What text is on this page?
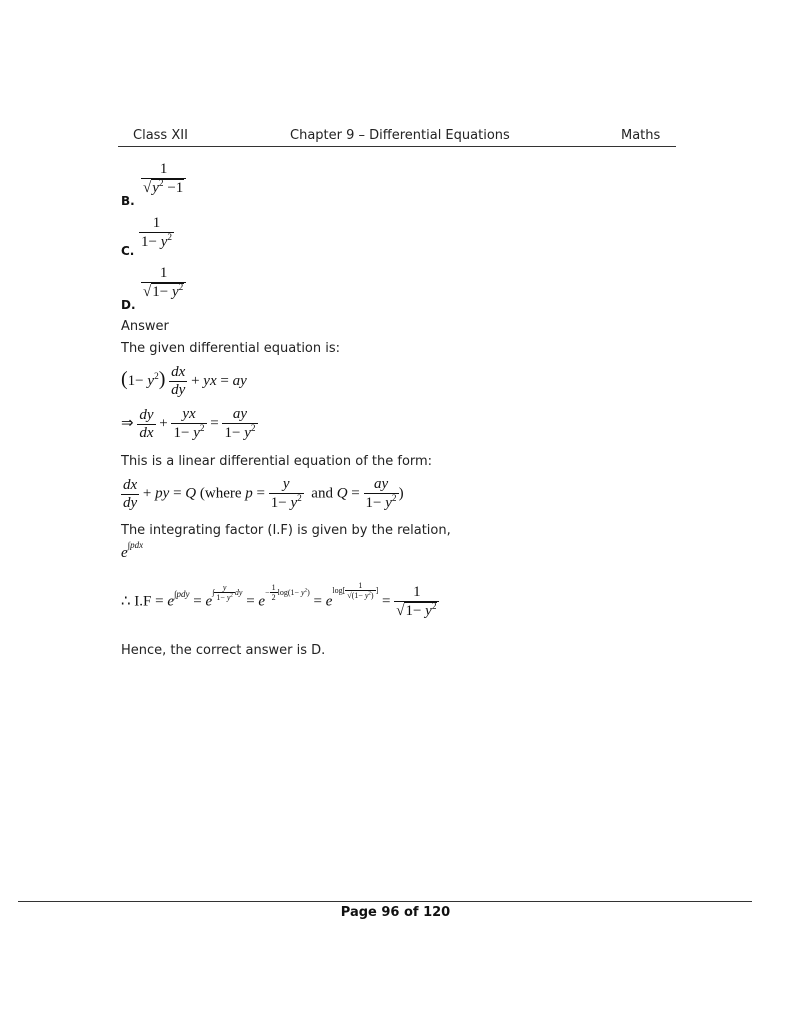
Class XII	Chapter 9 – Differential Equations	Maths
B.
$\frac{1}{√y^2 -1}$
C. $\frac{1}{1- y^2}$
D.
$\frac{1}{√1- y^2}$
Answer
The given differential equation is:
$(1- y^2) \frac{dx}{dy}$ + yx = ay
⇒ $\frac{dy}{dx} + \frac{yx}{1- y^2} = \frac{ay}{1- y^2}$
This is a linear differential equation of the form:
$\frac{dx}{dy}$ + py = Q (where $p = \frac{y}{1- y^2}$ and $Q = \frac{ay}{1- y^2}$ )
The integrating factor (I.F) is given by the relation,
$e^{\int pdx}$
∴ $I.F = e^{\int pdy} = e^{\int \frac{y}{1- y^2} dy} = e^{- \frac{1}{2} log(1- y^2)} = e^{log[ \frac{1}{√(1- y^2)} ]} = \frac{1}{√1- y^2}$
Hence, the correct answer is D.
Page 96 of 120
